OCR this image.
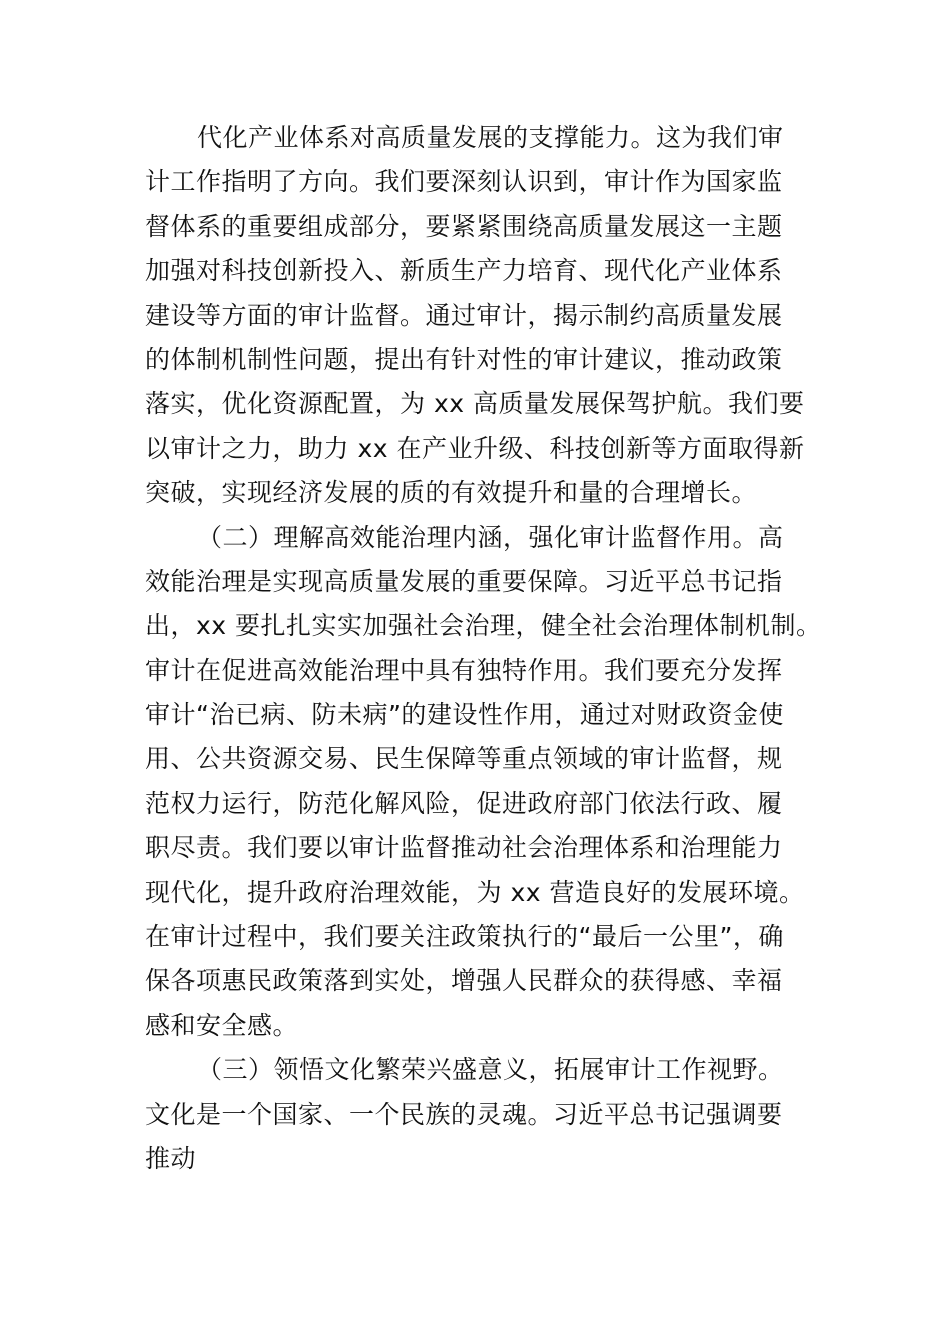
代化产业体系对高质量发展的支撑能力。这为我们审
计工作指明了方向。我们要深刻认识到，审计作为国家监
督体系的重要组成部分，要紧紧围绕高质量发展这一主题
加强对科技创新投入、新质生产力培育、现代化产业体系
建设等方面的审计监督。通过审计，揭示制约高质量发展
的体制机制性问题，提出有针对性的审计建议，推动政策
落实，优化资源配置，为 xx 高质量发展保驾护航。我们要
以审计之力，助力 xx 在产业升级、科技创新等方面取得新
突破，实现经济发展的质的有效提升和量的合理增长。
（二）理解高效能治理内涵，强化审计监督作用。高
效能治理是实现高质量发展的重要保障。习近平总书记指
出，xx 要扎扎实实加强社会治理，健全社会治理体制机制。
审计在促进高效能治理中具有独特作用。我们要充分发挥
审计“治已病、防未病”的建设性作用，通过对财政资金使
用、公共资源交易、民生保障等重点领域的审计监督，规
范权力运行，防范化解风险，促进政府部门依法行政、履
职尽责。我们要以审计监督推动社会治理体系和治理能力
现代化，提升政府治理效能，为 xx 营造良好的发展环境。
在审计过程中，我们要关注政策执行的“最后一公里”，确
保各项惠民政策落到实处，增强人民群众的获得感、幸福
感和安全感。
（三）领悟文化繁荣兴盛意义，拓展审计工作视野。
文化是一个国家、一个民族的灵魂。习近平总书记强调要
推动
